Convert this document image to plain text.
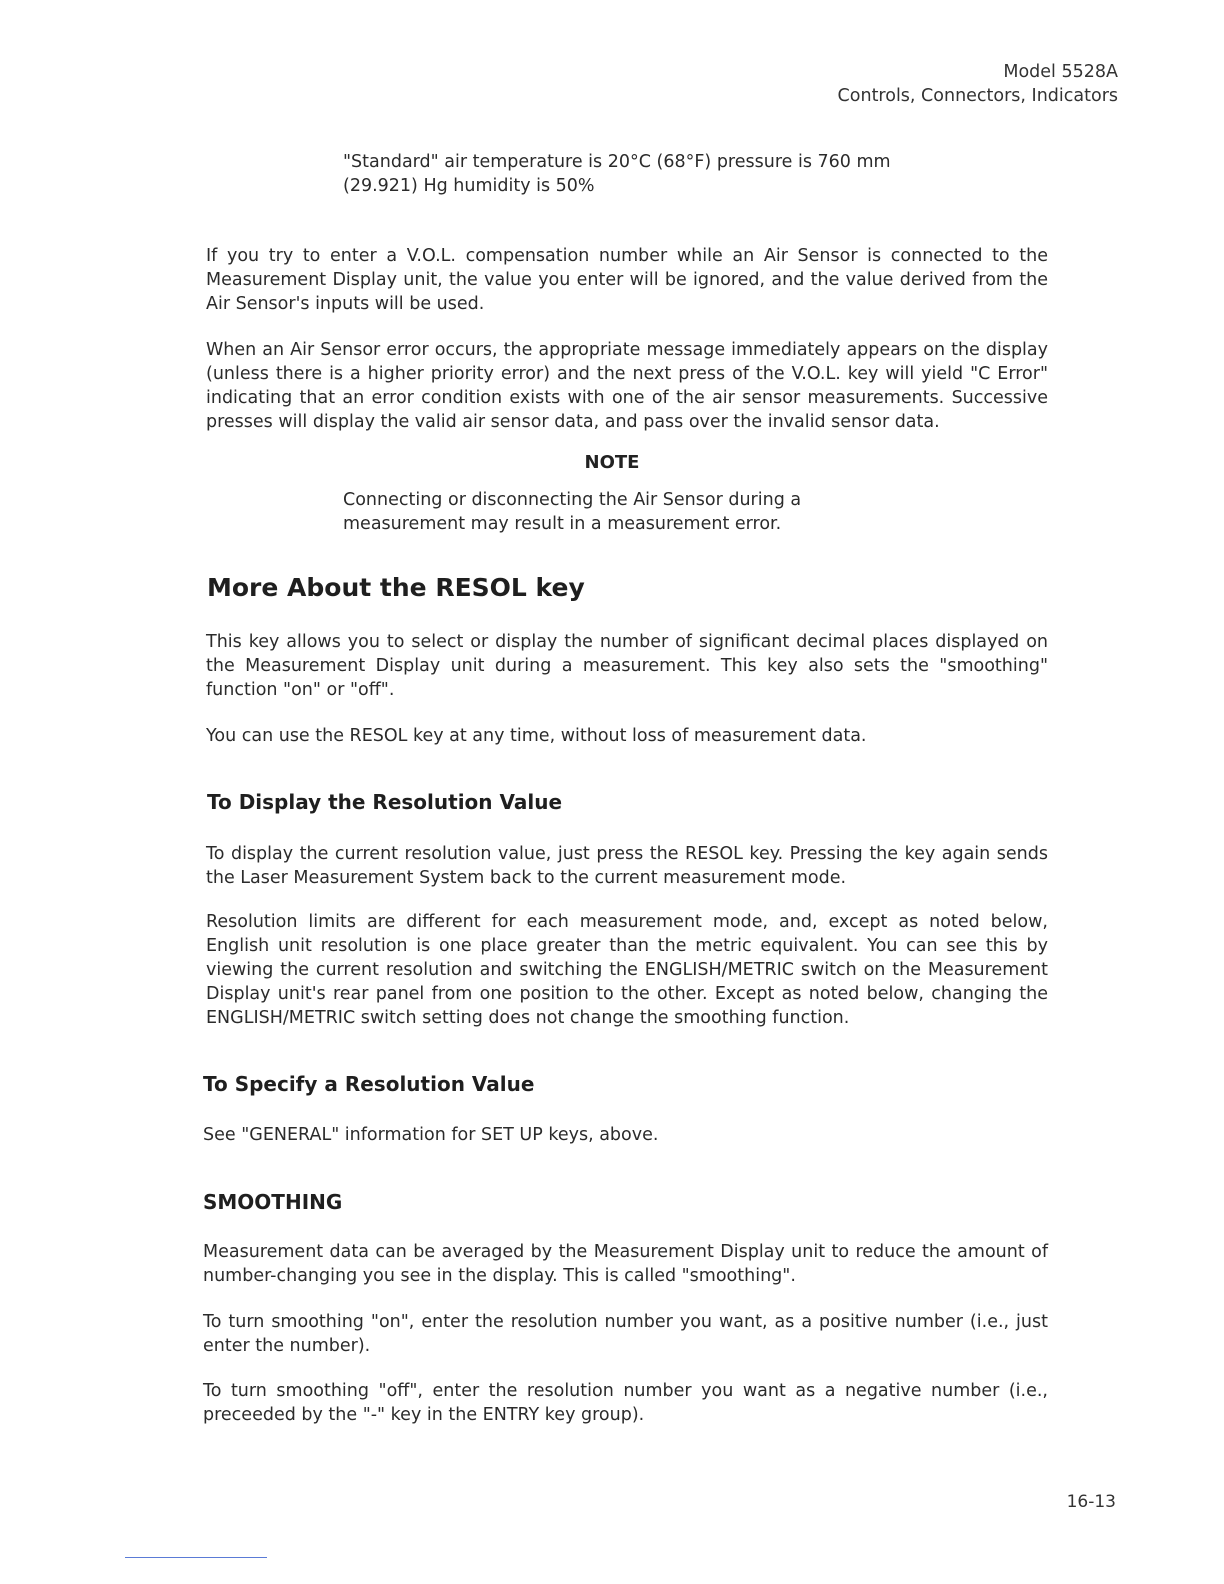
Model 5528A
Controls, Connectors, Indicators
"Standard" air temperature is 20°C (68°F) pressure is 760 mm
(29.921) Hg humidity is 50%

If you try to enter a V.O.L. compensation number while an Air Sensor is connected to the Measurement Display unit, the value you enter will be ignored, and the value derived from the Air Sensor's inputs will be used.

When an Air Sensor error occurs, the appropriate message immediately appears on the display (unless there is a higher priority error) and the next press of the V.O.L. key will yield "C Error" indicating that an error condition exists with one of the air sensor measurements. Successive presses will display the valid air sensor data, and pass over the invalid sensor data.

NOTE

Connecting or disconnecting the Air Sensor during a measurement may result in a measurement error.

More About the RESOL key

This key allows you to select or display the number of significant decimal places displayed on the Measurement Display unit during a measurement. This key also sets the "smoothing" function "on" or "off".

You can use the RESOL key at any time, without loss of measurement data.

To Display the Resolution Value

To display the current resolution value, just press the RESOL key. Pressing the key again sends the Laser Measurement System back to the current measurement mode.

Resolution limits are different for each measurement mode, and, except as noted below, English unit resolution is one place greater than the metric equivalent. You can see this by viewing the current resolution and switching the ENGLISH/METRIC switch on the Measurement Display unit's rear panel from one position to the other. Except as noted below, changing the ENGLISH/METRIC switch setting does not change the smoothing function.

To Specify a Resolution Value

See "GENERAL" information for SET UP keys, above.

SMOOTHING

Measurement data can be averaged by the Measurement Display unit to reduce the amount of number-changing you see in the display. This is called "smoothing".

To turn smoothing "on", enter the resolution number you want, as a positive number (i.e., just enter the number).

To turn smoothing "off", enter the resolution number you want as a negative number (i.e., preceeded by the "-" key in the ENTRY key group).

16-13
